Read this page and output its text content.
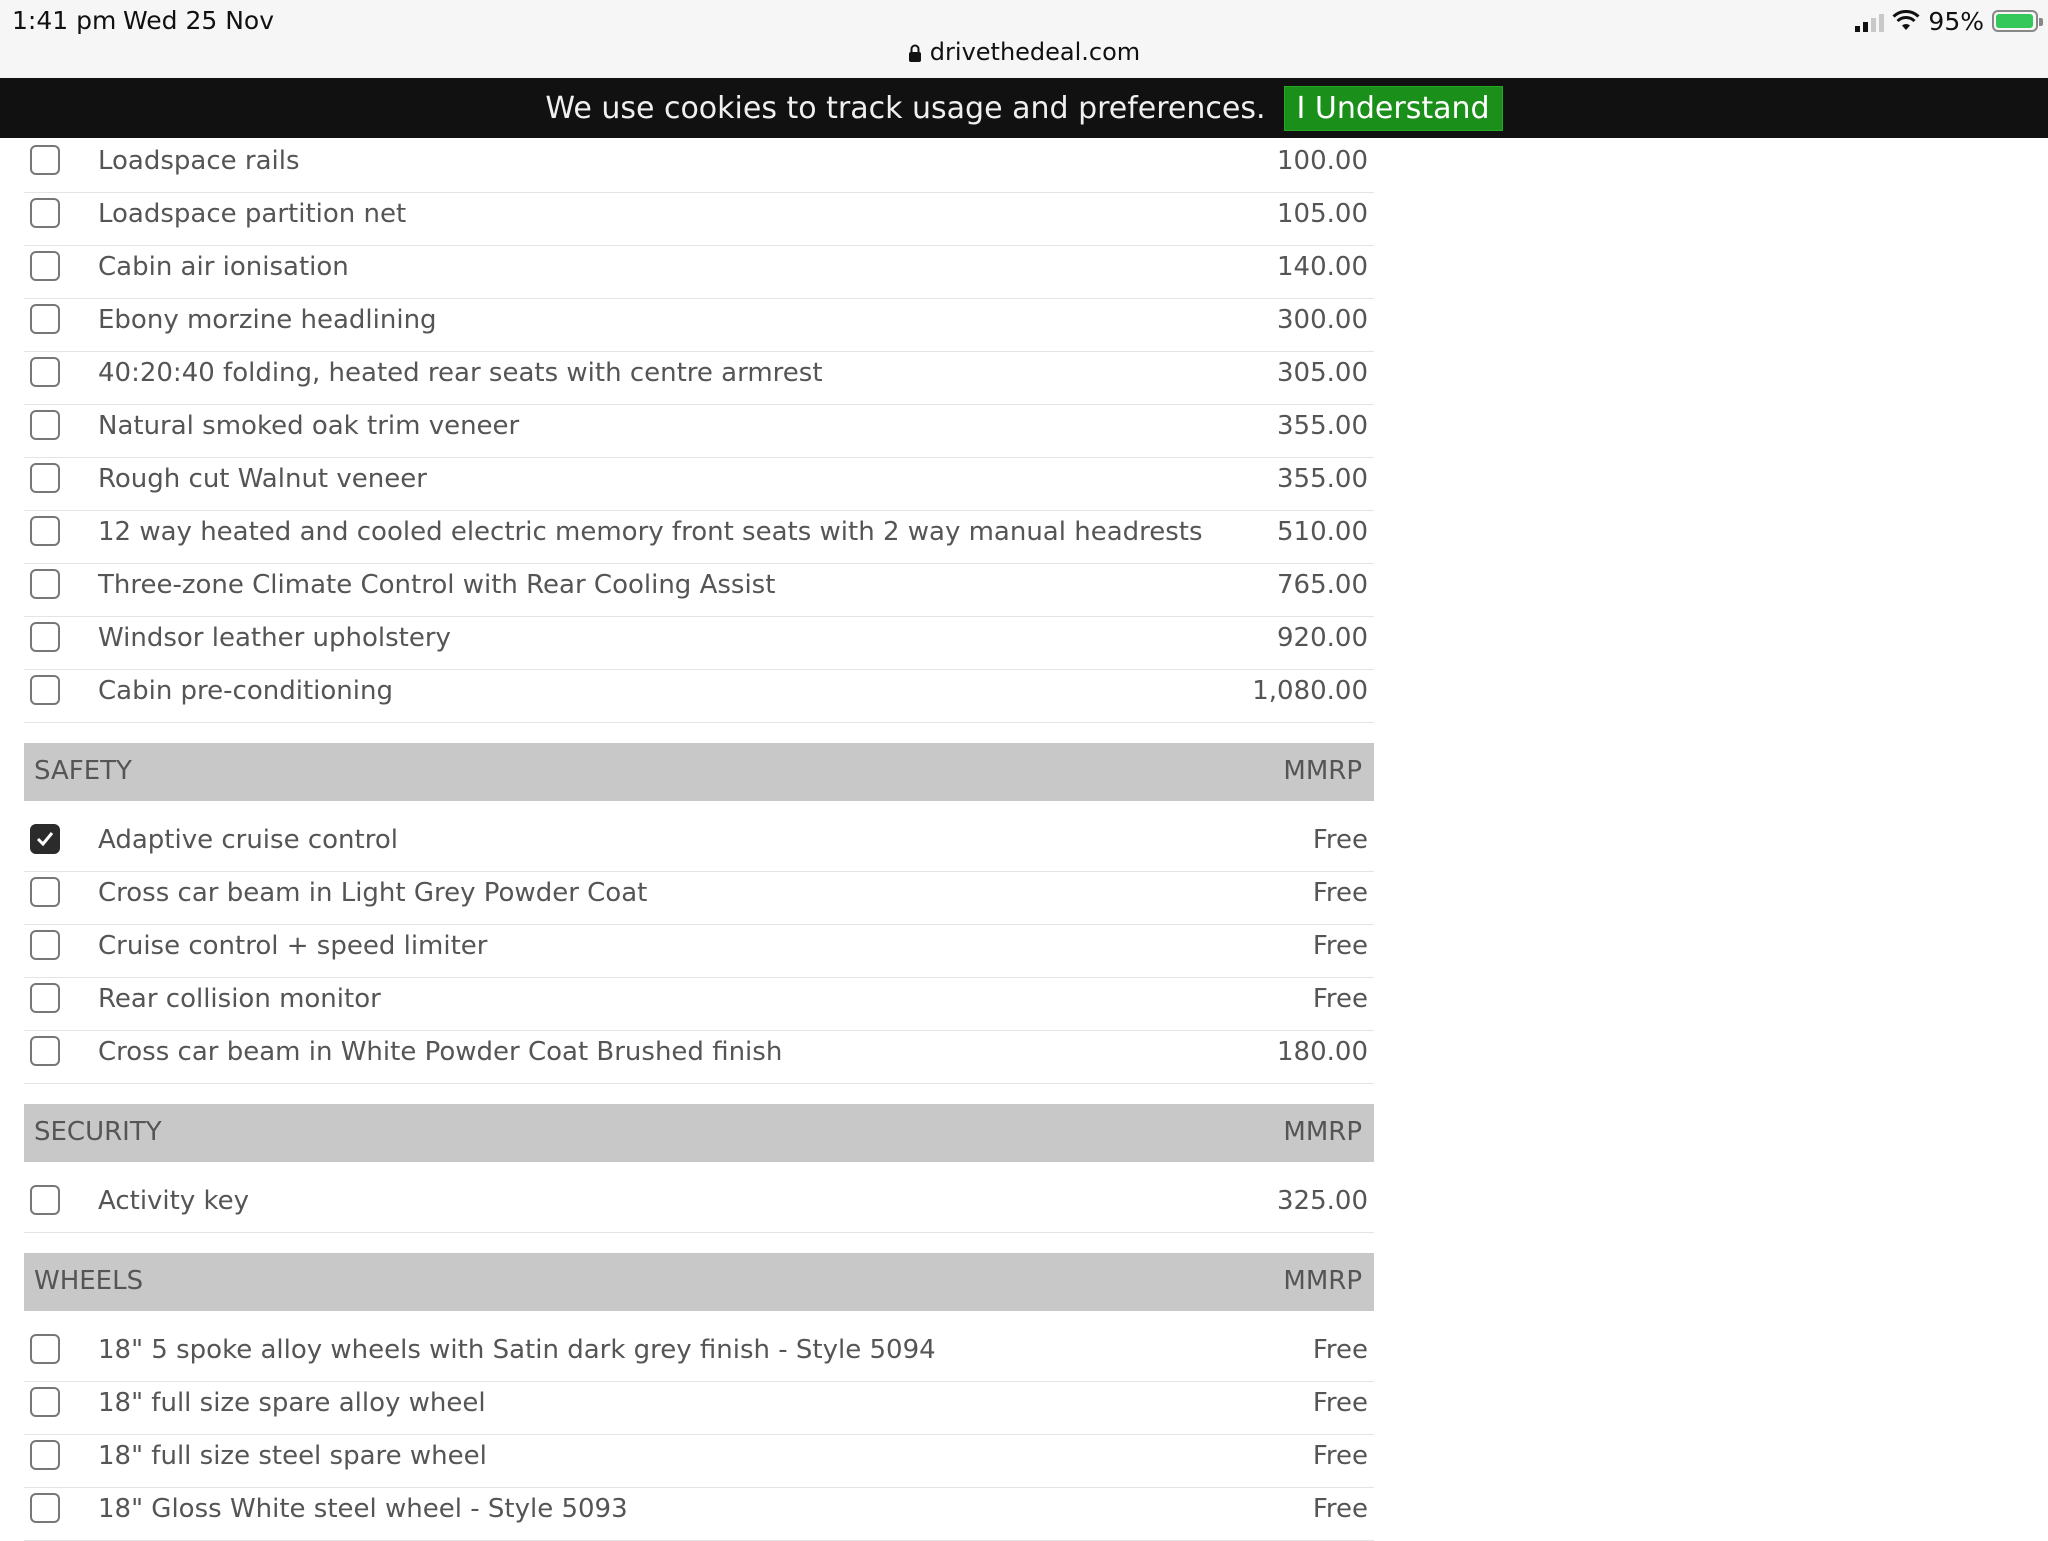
1:41 pm Wed 25 Nov	95%
drivethedeal.com
We use cookies to track usage and preferences.	I Understand
Loadspace rails	100.00
Loadspace partition net	105.00
Cabin air ionisation	140.00
Ebony morzine headlining	300.00
40:20:40 folding, heated rear seats with centre armrest	305.00
Natural smoked oak trim veneer	355.00
Rough cut Walnut veneer	355.00
12 way heated and cooled electric memory front seats with 2 way manual headrests	510.00
Three-zone Climate Control with Rear Cooling Assist	765.00
Windsor leather upholstery	920.00
Cabin pre-conditioning	1,080.00
SAFETY	MMRP
Adaptive cruise control	Free
Cross car beam in Light Grey Powder Coat	Free
Cruise control + speed limiter	Free
Rear collision monitor	Free
Cross car beam in White Powder Coat Brushed finish	180.00
SECURITY	MMRP
Activity key	325.00
WHEELS	MMRP
18" 5 spoke alloy wheels with Satin dark grey finish - Style 5094	Free
18" full size spare alloy wheel	Free
18" full size steel spare wheel	Free
18" Gloss White steel wheel - Style 5093	Free
